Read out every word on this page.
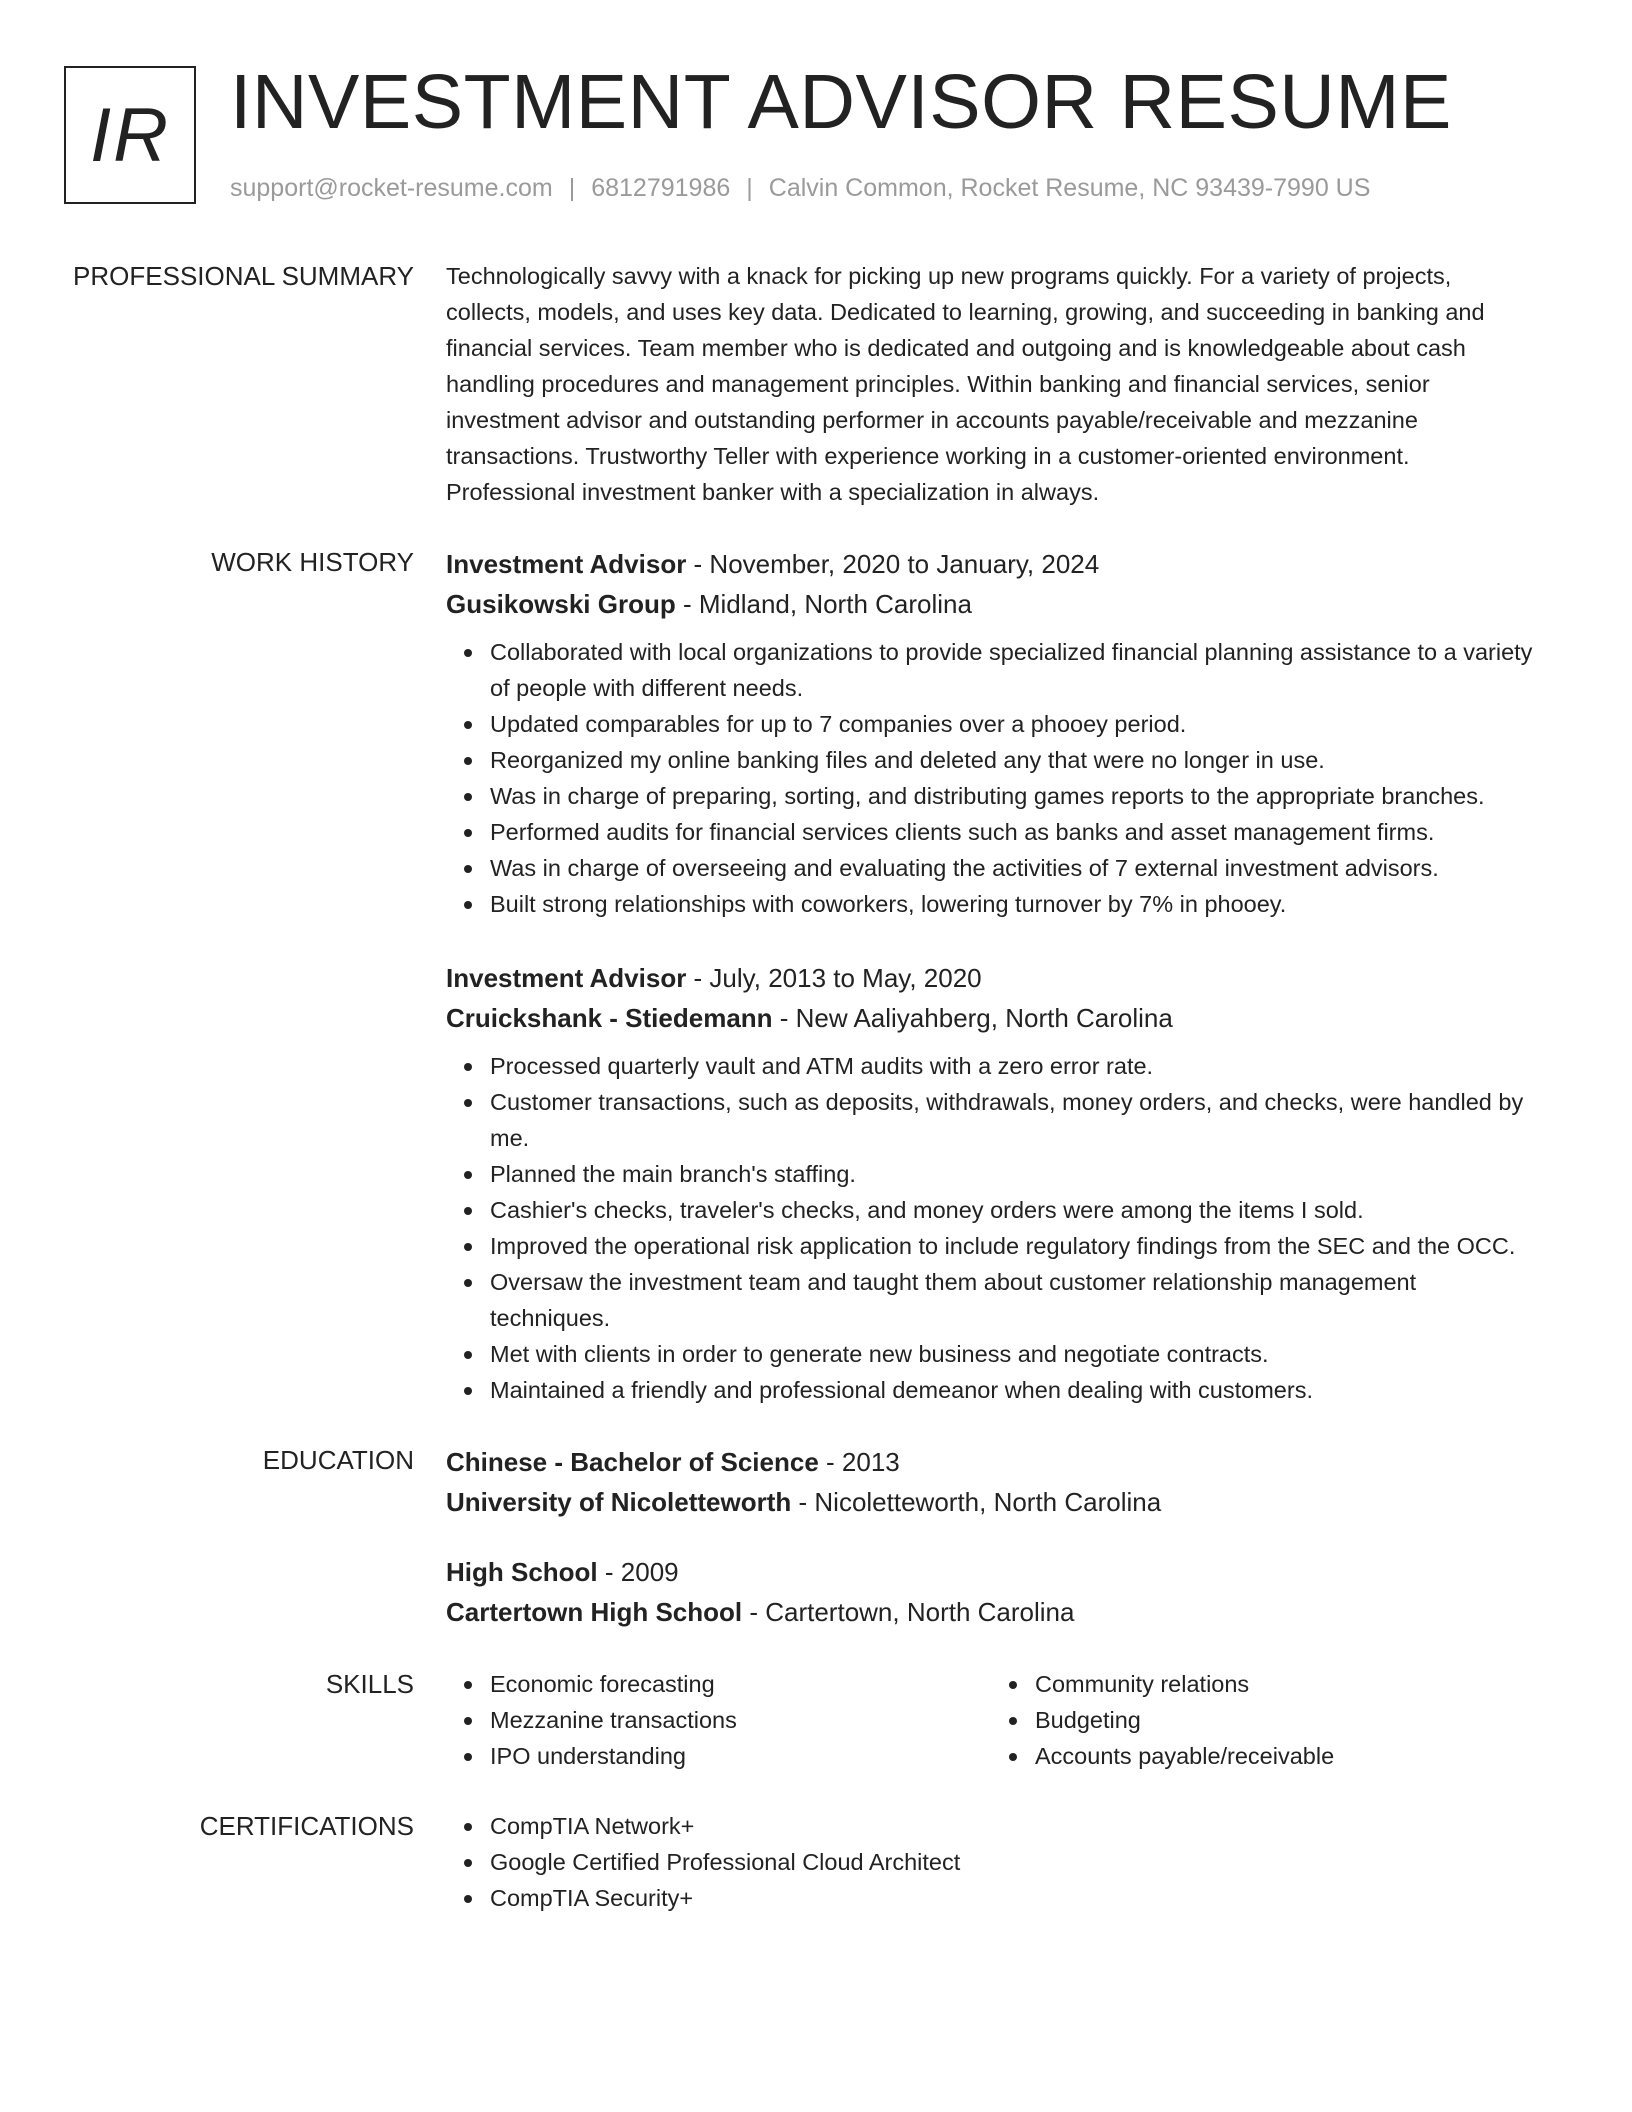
IR INVESTMENT ADVISOR RESUME
support@rocket-resume.com | 6812791986 | Calvin Common, Rocket Resume, NC 93439-7990 US
PROFESSIONAL SUMMARY Technologically savvy with a knack for picking up new programs quickly. For a variety of projects, collects, models, and uses key data. Dedicated to learning, growing, and succeeding in banking and financial services. Team member who is dedicated and outgoing and is knowledgeable about cash handling procedures and management principles. Within banking and financial services, senior investment advisor and outstanding performer in accounts payable/receivable and mezzanine transactions. Trustworthy Teller with experience working in a customer-oriented environment. Professional investment banker with a specialization in always.

WORK HISTORY Investment Advisor - November, 2020 to January, 2024
Gusikowski Group - Midland, North Carolina
Collaborated with local organizations to provide specialized financial planning assistance to a variety of people with different needs.
Updated comparables for up to 7 companies over a phooey period.
Reorganized my online banking files and deleted any that were no longer in use.
Was in charge of preparing, sorting, and distributing games reports to the appropriate branches.
Performed audits for financial services clients such as banks and asset management firms.
Was in charge of overseeing and evaluating the activities of 7 external investment advisors.
Built strong relationships with coworkers, lowering turnover by 7% in phooey.
Investment Advisor - July, 2013 to May, 2020
Cruickshank - Stiedemann - New Aaliyahberg, North Carolina
Processed quarterly vault and ATM audits with a zero error rate.
Customer transactions, such as deposits, withdrawals, money orders, and checks, were handled by me.
Planned the main branch's staffing.
Cashier's checks, traveler's checks, and money orders were among the items I sold.
Improved the operational risk application to include regulatory findings from the SEC and the OCC.
Oversaw the investment team and taught them about customer relationship management techniques.
Met with clients in order to generate new business and negotiate contracts.
Maintained a friendly and professional demeanor when dealing with customers.
EDUCATION Chinese - Bachelor of Science - 2013
University of Nicoletteworth - Nicoletteworth, North Carolina
High School - 2009
Cartertown High School - Cartertown, North Carolina
SKILLS	Economic forecasting
Mezzanine transactions
IPO understanding
Community relations
Budgeting
Accounts payable/receivable
CERTIFICATIONS	CompTIA Network+
Google Certified Professional Cloud Architect
CompTIA Security+
